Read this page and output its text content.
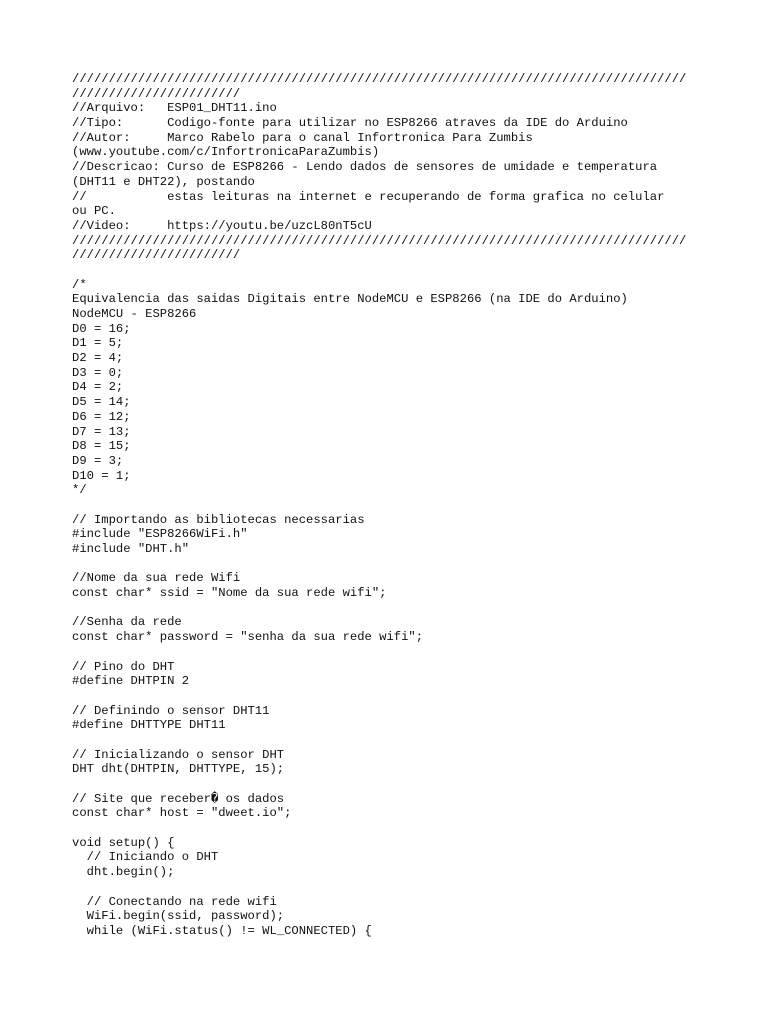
////////////////////////////////////////////////////////////////////////////////////
///////////////////////
//Arquivo:   ESP01_DHT11.ino
//Tipo:      Codigo-fonte para utilizar no ESP8266 atraves da IDE do Arduino
//Autor:     Marco Rabelo para o canal Infortronica Para Zumbis
(www.youtube.com/c/InfortronicaParaZumbis)
//Descricao: Curso de ESP8266 - Lendo dados de sensores de umidade e temperatura
(DHT11 e DHT22), postando
//           estas leituras na internet e recuperando de forma grafica no celular
ou PC.
//Video:     https://youtu.be/uzcL80nT5cU
////////////////////////////////////////////////////////////////////////////////////
///////////////////////
/*
Equivalencia das saidas Digitais entre NodeMCU e ESP8266 (na IDE do Arduino)
NodeMCU - ESP8266
D0 = 16;
D1 = 5;
D2 = 4;
D3 = 0;
D4 = 2;
D5 = 14;
D6 = 12;
D7 = 13;
D8 = 15;
D9 = 3;
D10 = 1;
*/
// Importando as bibliotecas necessarias
#include "ESP8266WiFi.h"
#include "DHT.h"
//Nome da sua rede Wifi
const char* ssid = "Nome da sua rede wifi";
//Senha da rede
const char* password = "senha da sua rede wifi";
// Pino do DHT
#define DHTPIN 2
// Definindo o sensor DHT11
#define DHTTYPE DHT11
// Inicializando o sensor DHT
DHT dht(DHTPIN, DHTTYPE, 15);
// Site que receber� os dados
const char* host = "dweet.io";
void setup() {
// Iniciando o DHT
dht.begin();
// Conectando na rede wifi
WiFi.begin(ssid, password);
while (WiFi.status() != WL_CONNECTED) {
